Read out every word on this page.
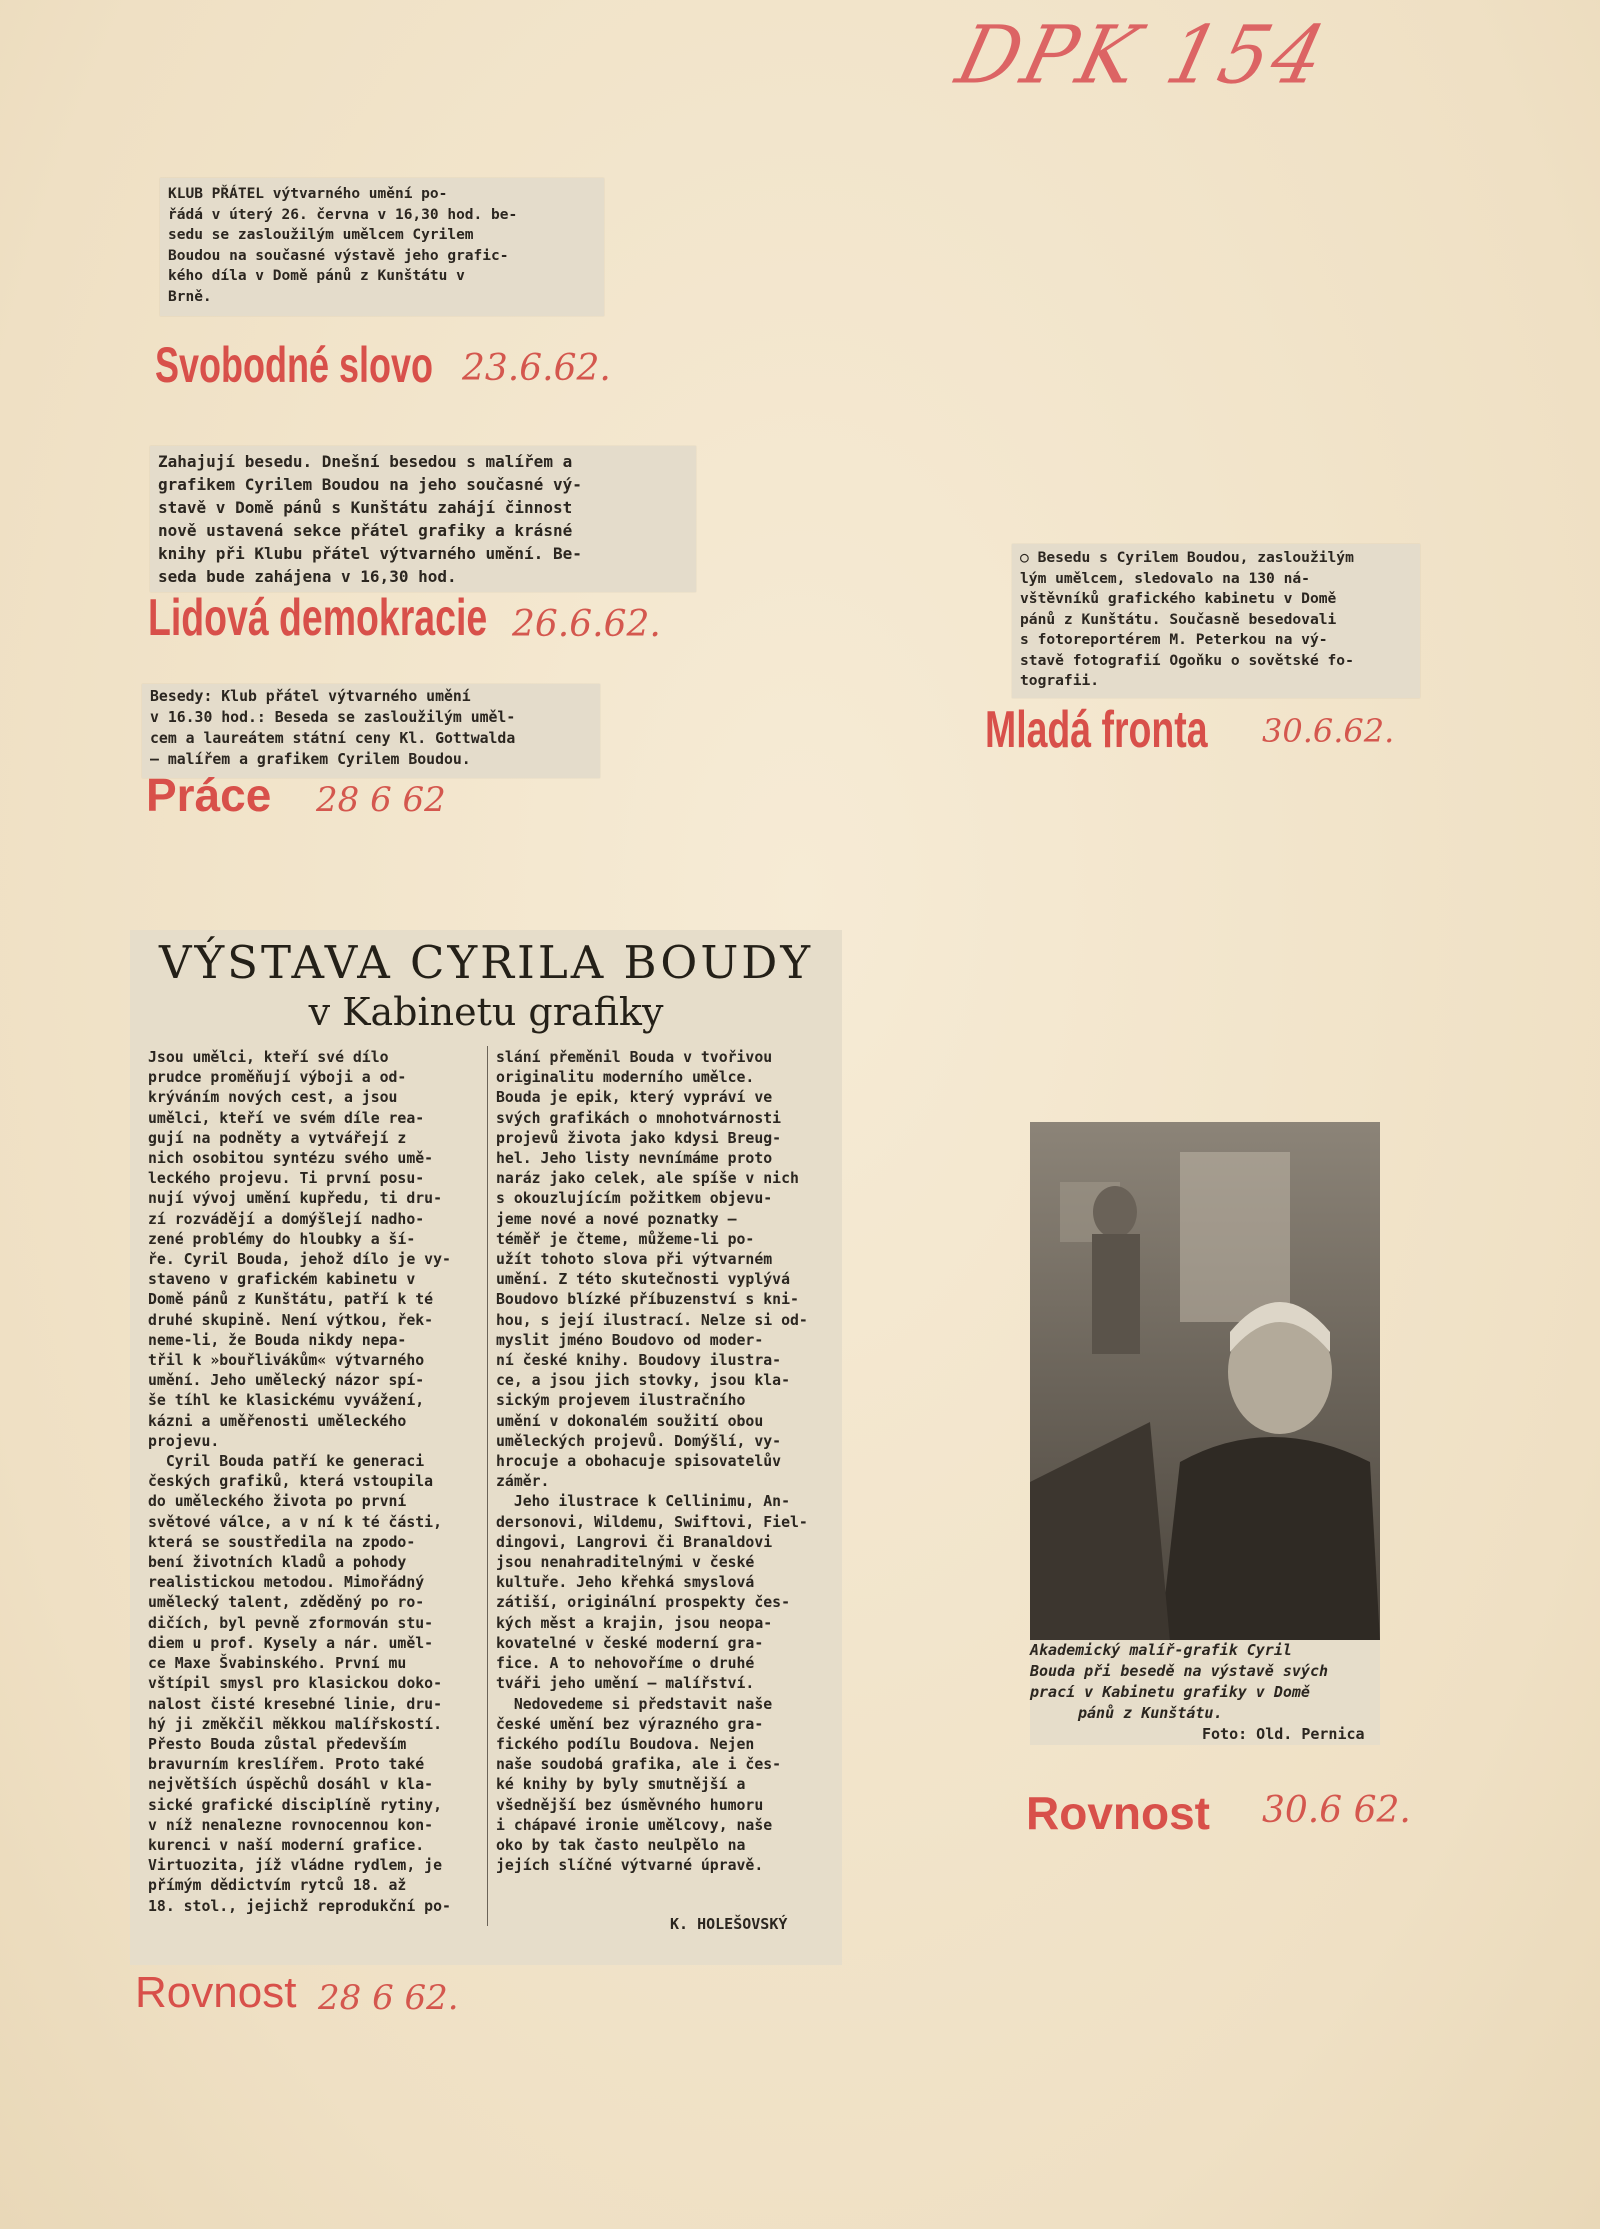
DPK 154

KLUB PŘÁTEL výtvarného umění po-

řádá v úterý 26. června v 16,30 hod. be-

sedu se zasloužilým umělcem Cyrilem

Boudou na současné výstavě jeho grafic-

kého díla v Domě pánů z Kunštátu v

Brně.

Svobodné slovo 23.6.62.

Zahajují besedu. Dnešní besedou s malířem a

grafikem Cyrilem Boudou na jeho současné vý-

stavě v Domě pánů s Kunštátu zahájí činnost

nově ustavená sekce přátel grafiky a krásné

knihy při Klubu přátel výtvarného umění. Be-

seda bude zahájena v 16,30 hod.

Lidová demokracie 26.6.62.

Besedy: Klub přátel výtvarného umění

v 16.30 hod.: Beseda se zasloužilým uměl-

cem a laureátem státní ceny Kl. Gottwalda

— malířem a grafikem Cyrilem Boudou.

Práce 28 6 62

○ Besedu s Cyrilem Boudou, zasloužilým

lým umělcem, sledovalo na 130 ná-

vštěvníků grafického kabinetu v Domě

pánů z Kunštátu. Současně besedovali

s fotoreportérem M. Peterkou na vý-

stavě fotografií Ogoňku o sovětské fo-

tografii.

Mladá fronta	30.6.62.
VÝSTAVA CYRILA BOUDY
v Kabinetu grafiky

Jsou umělci, kteří své dílo

prudce proměňují výboji a od-

krýváním nových cest, a jsou

umělci, kteří ve svém díle rea-

gují na podněty a vytvářejí z

nich osobitou syntézu svého umě-

leckého projevu. Ti první posu-

nují vývoj umění kupředu, ti dru-

zí rozvádějí a domýšlejí nadho-

zené problémy do hloubky a ší-

ře. Cyril Bouda, jehož dílo je vy-

staveno v grafickém kabinetu v

Domě pánů z Kunštátu, patří k té

druhé skupině. Není výtkou, řek-

neme-li, že Bouda nikdy nepa-

třil k »bouřlivákům« výtvarného

umění. Jeho umělecký názor spí-

še tíhl ke klasickému vyvážení,

kázni a uměřenosti uměleckého

projevu.

Cyril Bouda patří ke generaci

českých grafiků, která vstoupila

do uměleckého života po první

světové válce, a v ní k té části,

která se soustředila na zpodo-

bení životních kladů a pohody

realistickou metodou. Mimořádný

umělecký talent, zděděný po ro-

dičích, byl pevně zformován stu-

diem u prof. Kysely a nár. uměl-

ce Maxe Švabinského. První mu

vštípil smysl pro klasickou doko-

nalost čisté kresebné linie, dru-

hý ji změkčil měkkou malířskostí.

Přesto Bouda zůstal především

bravurním kreslířem. Proto také

největších úspěchů dosáhl v kla-

sické grafické disciplíně rytiny,

v níž nenalezne rovnocennou kon-

kurenci v naší moderní grafice.

Virtuozita, jíž vládne rydlem, je

přímým dědictvím rytců 18. až

18. stol., jejichž reprodukční po-

slání přeměnil Bouda v tvořivou

originalitu moderního umělce.

Bouda je epik, který vypráví ve

svých grafikách o mnohotvárnosti

projevů života jako kdysi Breug-

hel. Jeho listy nevnímáme proto

naráz jako celek, ale spíše v nich

s okouzlujícím požitkem objevu-

jeme nové a nové poznatky —

téměř je čteme, můžeme-li po-

užít tohoto slova při výtvarném

umění. Z této skutečnosti vyplývá

Boudovo blízké příbuzenství s kni-

hou, s její ilustrací. Nelze si od-

myslit jméno Boudovo od moder-

ní české knihy. Boudovy ilustra-

ce, a jsou jich stovky, jsou kla-

sickým projevem ilustračního

umění v dokonalém soužití obou

uměleckých projevů. Domýšlí, vy-

hrocuje a obohacuje spisovatelův

záměr.

Jeho ilustrace k Cellinimu, An-

dersonovi, Wildemu, Swiftovi, Fiel-

dingovi, Langrovi či Branaldovi

jsou nenahraditelnými v české

kultuře. Jeho křehká smyslová

zátiší, originální prospekty čes-

kých měst a krajin, jsou neopa-

kovatelné v české moderní gra-

fice. A to nehovoříme o druhé

tváři jeho umění — malířství.

Nedovedeme si představit naše

české umění bez výrazného gra-

fického podílu Boudova. Nejen

naše soudobá grafika, ale i čes-

ké knihy by byly smutnější a

všednější bez úsměvného humoru

i chápavé ironie umělcovy, naše

oko by tak často neulpělo na

jejích slíčné výtvarné úpravě.

K. HOLEŠOVSKÝ
Rovnost 28 6 62.

Akademický malíř-grafik Cyril

Bouda při besedě na výstavě svých

prací v Kabinetu grafiky v Domě

pánů z Kunštátu.

Foto: Old. Pernica

Rovnost 30.6 62.
